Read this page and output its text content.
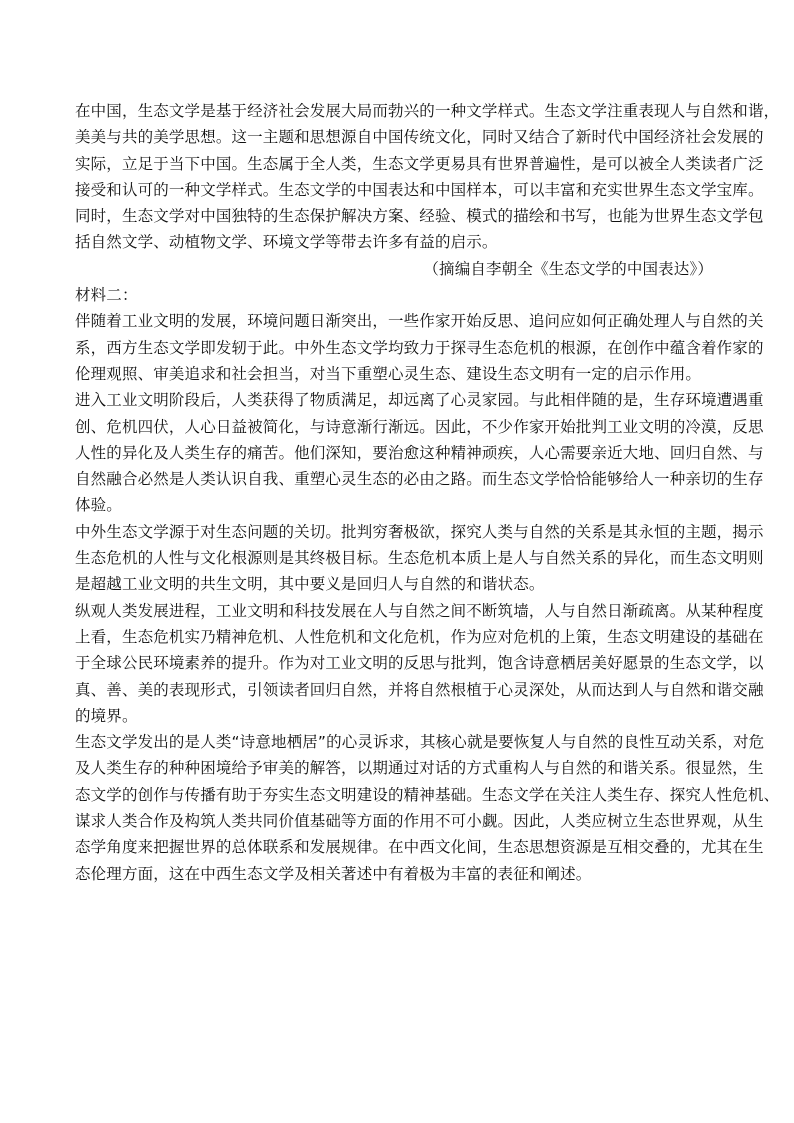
在中国，生态文学是基于经济社会发展大局而勃兴的一种文学样式。生态文学注重表现人与自然和谐，
美美与共的美学思想。这一主题和思想源自中国传统文化，同时又结合了新时代中国经济社会发展的
实际，立足于当下中国。生态属于全人类，生态文学更易具有世界普遍性，是可以被全人类读者广泛
接受和认可的一种文学样式。生态文学的中国表达和中国样本，可以丰富和充实世界生态文学宝库。
同时，生态文学对中国独特的生态保护解决方案、经验、模式的描绘和书写，也能为世界生态文学包
括自然文学、动植物文学、环境文学等带去许多有益的启示。
（摘编自李朝全《生态文学的中国表达》）
材料二：
伴随着工业文明的发展，环境问题日渐突出，一些作家开始反思、追问应如何正确处理人与自然的关
系，西方生态文学即发轫于此。中外生态文学均致力于探寻生态危机的根源，在创作中蕴含着作家的
伦理观照、审美追求和社会担当，对当下重塑心灵生态、建设生态文明有一定的启示作用。
进入工业文明阶段后，人类获得了物质满足，却远离了心灵家园。与此相伴随的是，生存环境遭遇重
创、危机四伏，人心日益被简化，与诗意渐行渐远。因此，不少作家开始批判工业文明的冷漠，反思
人性的异化及人类生存的痛苦。他们深知，要治愈这种精神顽疾，人心需要亲近大地、回归自然、与
自然融合必然是人类认识自我、重塑心灵生态的必由之路。而生态文学恰恰能够给人一种亲切的生存
体验。
中外生态文学源于对生态问题的关切。批判穷奢极欲，探究人类与自然的关系是其永恒的主题，揭示
生态危机的人性与文化根源则是其终极目标。生态危机本质上是人与自然关系的异化，而生态文明则
是超越工业文明的共生文明，其中要义是回归人与自然的和谐状态。
纵观人类发展进程，工业文明和科技发展在人与自然之间不断筑墙，人与自然日渐疏离。从某种程度
上看，生态危机实乃精神危机、人性危机和文化危机，作为应对危机的上策，生态文明建设的基础在
于全球公民环境素养的提升。作为对工业文明的反思与批判，饱含诗意栖居美好愿景的生态文学，以
真、善、美的表现形式，引领读者回归自然，并将自然根植于心灵深处，从而达到人与自然和谐交融
的境界。
生态文学发出的是人类“诗意地栖居”的心灵诉求，其核心就是要恢复人与自然的良性互动关系，对危
及人类生存的种种困境给予审美的解答，以期通过对话的方式重构人与自然的和谐关系。很显然，生
态文学的创作与传播有助于夯实生态文明建设的精神基础。生态文学在关注人类生存、探究人性危机、
谋求人类合作及构筑人类共同价值基础等方面的作用不可小觑。因此，人类应树立生态世界观，从生
态学角度来把握世界的总体联系和发展规律。在中西文化间，生态思想资源是互相交叠的，尤其在生
态伦理方面，这在中西生态文学及相关著述中有着极为丰富的表征和阐述。
